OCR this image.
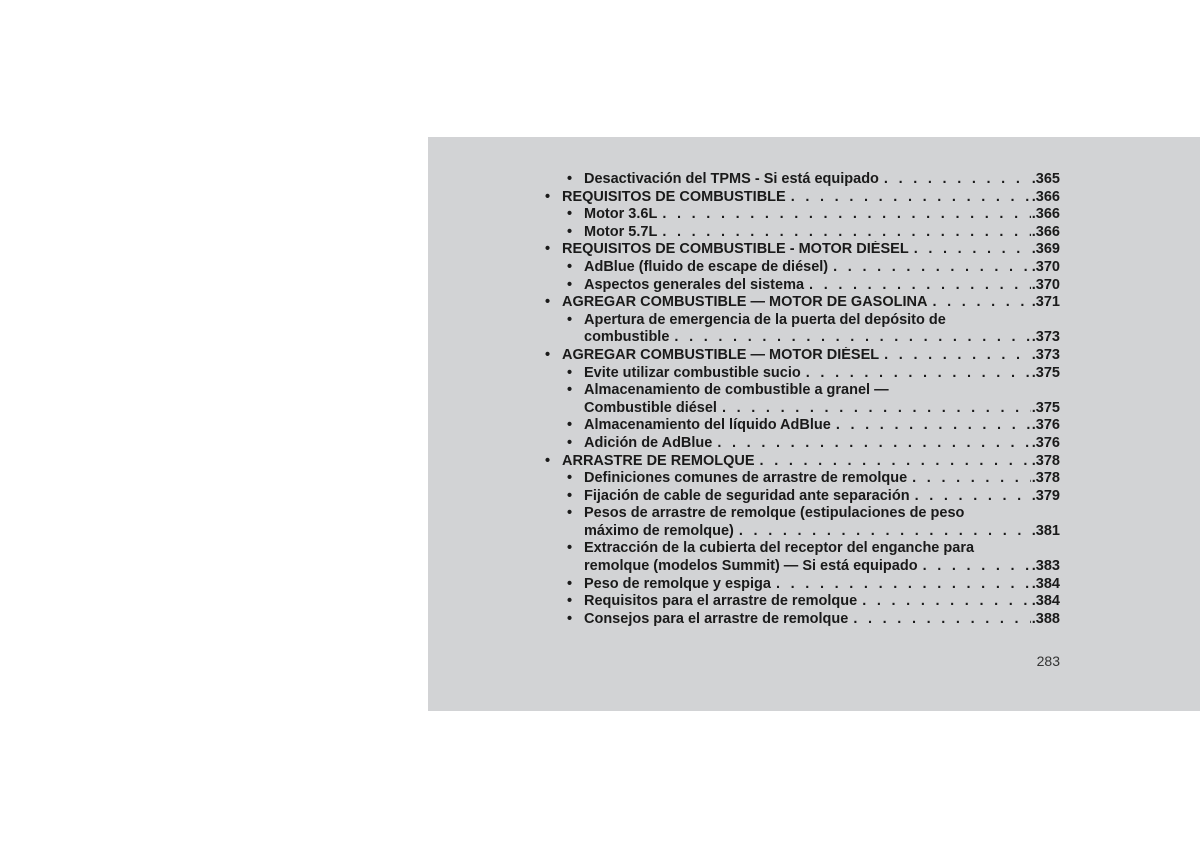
• Desactivación del TPMS - Si está equipado . . .	.365
• REQUISITOS DE COMBUSTIBLE . . .	.366
• Motor 3.6L . . .	.366
• Motor 5.7L . . .	.366
• REQUISITOS DE COMBUSTIBLE - MOTOR DIÉSEL . . .	.369
• AdBlue (fluido de escape de diésel) . . .	.370
• Aspectos generales del sistema . . .	.370
• AGREGAR COMBUSTIBLE — MOTOR DE GASOLINA . . .	.371
• Apertura de emergencia de la puerta del depósito de
combustible . . .	.373
• AGREGAR COMBUSTIBLE — MOTOR DIÉSEL . . .	.373
• Evite utilizar combustible sucio . . .	.375
• Almacenamiento de combustible a granel —
Combustible diésel . . .	.375
• Almacenamiento del líquido AdBlue . . .	.376
• Adición de AdBlue . . .	.376
• ARRASTRE DE REMOLQUE . . .	.378
• Definiciones comunes de arrastre de remolque . . .	.378
• Fijación de cable de seguridad ante separación . . .	.379
• Pesos de arrastre de remolque (estipulaciones de peso
máximo de remolque) . . .	.381
• Extracción de la cubierta del receptor del enganche para
remolque (modelos Summit) — Si está equipado . . .	.383
• Peso de remolque y espiga . . .	.384
• Requisitos para el arrastre de remolque . . .	.384
• Consejos para el arrastre de remolque . . .	.388
283
